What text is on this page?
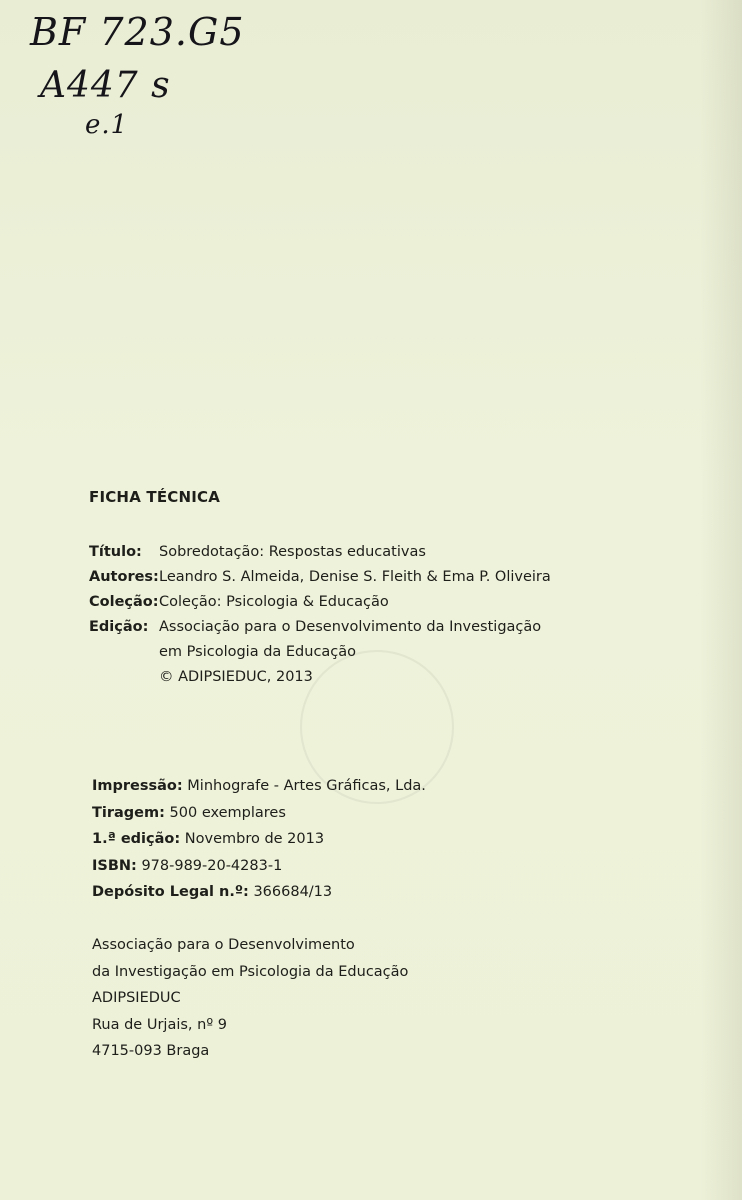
BF 723.G5
A447 s
e.1
FICHA TÉCNICA
Título:	Sobredotação: Respostas educativas
Autores: Leandro S. Almeida, Denise S. Fleith & Ema P. Oliveira
Coleção: Coleção: Psicologia & Educação
Edição: Associação para o Desenvolvimento da Investigação
em Psicologia da Educação
© ADIPSIEDUC, 2013
Impressão: Minhografe - Artes Gráficas, Lda.
Tiragem: 500 exemplares
1.ª edição: Novembro de 2013
ISBN: 978-989-20-4283-1
Depósito Legal n.º: 366684/13
Associação para o Desenvolvimento
da Investigação em Psicologia da Educação
ADIPSIEDUC
Rua de Urjais, nº 9
4715-093 Braga
